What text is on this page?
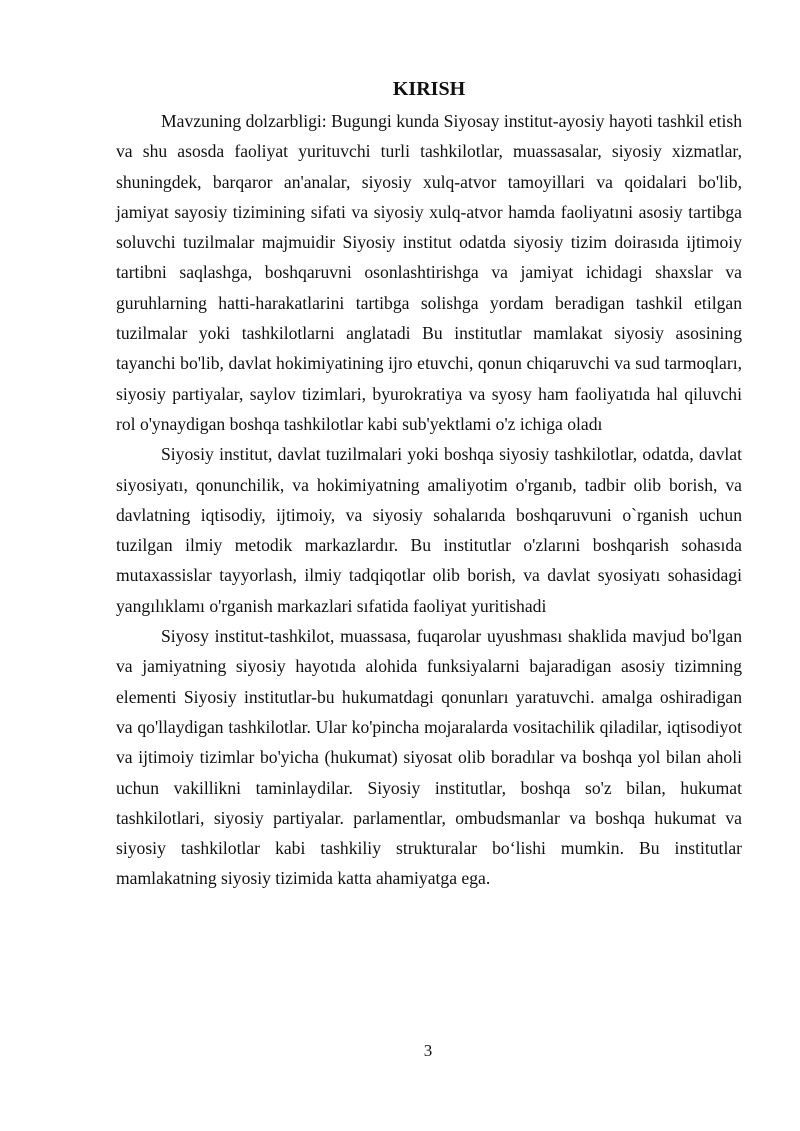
KIRISH

Mavzuning dolzarbligi: Bugungi kunda Siyosay institut-ayosiy hayoti tashkil etish va shu asosda faoliyat yurituvchi turli tashkilotlar, muassasalar, siyosiy xizmatlar, shuningdek, barqaror an'analar, siyosiy xulq-atvor tamoyillari va qoidalari bo'lib, jamiyat sayosiy tizimining sifati va siyosiy xulq-atvor hamda faoliyatıni asosiy tartibga soluvchi tuzilmalar majmuidir Siyosiy institut odatda siyosiy tizim doirasıda ijtimoiy tartibni saqlashga, boshqaruvni osonlashtirishga va jamiyat ichidagi shaxslar va guruhlarning hatti-harakatlarini tartibga solishga yordam beradigan tashkil etilgan tuzilmalar yoki tashkilotlarni anglatadi Bu institutlar mamlakat siyosiy asosining tayanchi bo'lib, davlat hokimiyatining ijro etuvchi, qonun chiqaruvchi va sud tarmoqları, siyosiy partiyalar, saylov tizimlari, byurokratiya va syosy ham faoliyatıda hal qiluvchi rol o'ynaydigan boshqa tashkilotlar kabi sub'yektlami o'z ichiga oladı

Siyosiy institut, davlat tuzilmalari yoki boshqa siyosiy tashkilotlar, odatda, davlat siyosiyatı, qonunchilik, va hokimiyatning amaliyotim o'rganıb, tadbir olib borish, va davlatning iqtisodiy, ijtimoiy, va siyosiy sohalarıda boshqaruvuni o`rganish uchun tuzilgan ilmiy metodik markazlardır. Bu institutlar o'zlarıni boshqarish sohasıda mutaxassislar tayyorlash, ilmiy tadqiqotlar olib borish, va davlat syosiyatı sohasidagi yangılıklamı o'rganish markazlari sıfatida faoliyat yuritishadi

Siyosy institut-tashkilot, muassasa, fuqarolar uyushması shaklida mavjud bo'lgan va jamiyatning siyosiy hayotıda alohida funksiyalarni bajaradigan asosiy tizimning elementi Siyosiy institutlar-bu hukumatdagi qonunları yaratuvchi. amalga oshiradigan va qo'llaydigan tashkilotlar. Ular ko'pincha mojaralarda vositachilik qiladilar, iqtisodiyot va ijtimoiy tizimlar bo'yicha (hukumat) siyosat olib boradılar va boshqa yol bilan aholi uchun vakillikni taminlaydilar. Siyosiy institutlar, boshqa so'z bilan, hukumat tashkilotlari, siyosiy partiyalar. parlamentlar, ombudsmanlar va boshqa hukumat va siyosiy tashkilotlar kabi tashkiliy strukturalar boʻlishi mumkin. Bu institutlar mamlakatning siyosiy tizimida katta ahamiyatga ega.

3
